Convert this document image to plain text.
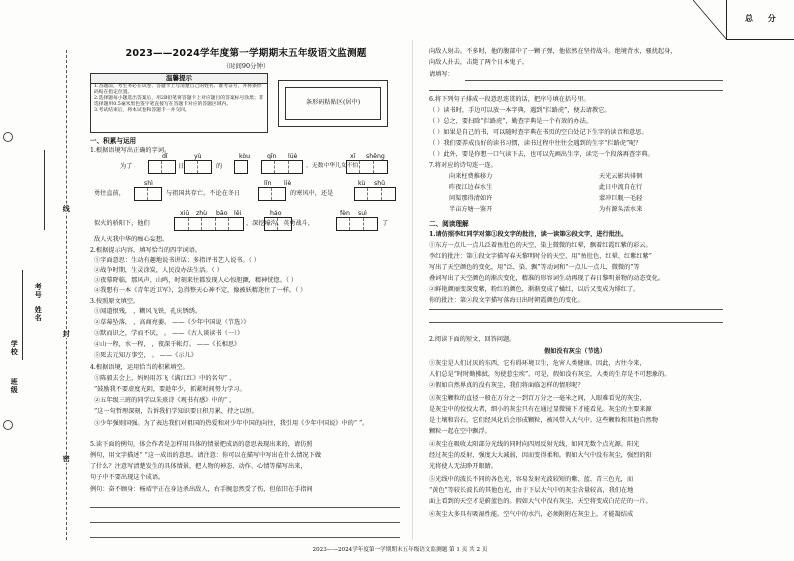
学校
班级
考号
姓名
线
封
密
总 分
2023——2024学年度第一学期期末五年级语文监测题
（时间90分钟）
温馨提示

1.答题前，考生务必在试卷、答题卡上写清楚自己的姓名、准考证号，并将条形码贴在指定位置。

2.选择题每小题选出答案后，用2B铅笔将答题卡上对应题目的答案标号涂黑；非选择题用0.5毫米黑色签字笔直接写在答题卡对应的答题区域内。

3.考试结束后，将本试卷和答题卡一并交回。

条形码粘贴区(居中)
一、积累与运用
1.根据语境写出正确的字词。
dǐ	yù	kòu	qīn lüè	xī shēng
为了	日	的	，无数中华儿女不怕
shì	lǐn liè	kù shǔ
勇往直前，	与祖国共存亡。不论在冬日	的寒风中，还是
xiū zhù bāo lěi	háo	fèn suì
似火的骄阳下，他们	，深挖壕沟，英勇战斗，	了
敌人灭我中华的痴心妄想。
2.根据提示内容，填写恰当的四字词语。
①字面意思：生动有趣地说书讲话；多指评书艺人说书。（ ）
②战争时期，生灵涂炭，人民没办法生活。（ ）
③夜幕降临，那风声、山鸣，时刻来往都发现人心惊胆颤，精神恍惚。（ ）
④我想有一本《青年近卫军》，急得整天心神不定，像被妖精迷住了一样。（ ）
3.按照原文填空。
①闻道恨残， ，糊风飞铁，孔庆锈绣。
②草莓坠落， ，高商亮萎。 ——《少年中国说（节选）》
③默而识之，学而不厌， 。 ——《古人谈读书（一）》
④山一程，水一程， ，夜深千帐灯。 ——《长相思》
⑤死去元知万事空， 。 ——《示儿》
4.根据语境，运用恰当的积累填空。
①陈毅去会上，妈妈用苏飞《满江红》中的名句“ ，
”鼓励我不要虚度光阴，要趁年少，抓紧时间努力学习。
②五年级三班的同学以朱熹诗《观书有感》中的“ ，
”这一句哲理深刻，告诉我们学知识要日积月累，持之以恒。
③少年强则国强。为了表达我们对祖国的热爱和对少年中国的向往，我引用《少年中国说》中的“ ”。
5.读下面的例句，体会作者是怎样用具体的情景把成语的意思表现出来的，请仿照
例句，用文字描述“ ”这一成语的意思。请注意：你可以在描写中写出在什么情况下做
了什么？注意写清楚发生的具体情景，把人物的神态、动作、心情等描写出来，
句子中不要出现这个成语。
例句：奋不顾身：杨靖宇正在身边杀出敌人，右手腕忽然受了伤，但依旧在手指间
向敌人射击。不多时，他的腹部中了一颗子弹，他依然在坚持战斗。绝境背水，骚扰起身，
向敌人扑去，击毙了两个日本鬼子。
请填写：
6.将下列句子排成一段意思连贯的话，把序号填在括号里。
（ ）读书时，手边可以放一本字典，遇到“拦路虎”，便去请教它。
（ ）总之，要扫除“拦路虎”，勤查字典是一个有效的办法。
（ ）如果是自己的书，可以随时查字典在书页的空白处记下生字的读音和意思。
（ ）我们要养成良好的读书习惯，读书过程中往往会遇到的生字“拦路虎”呢？
（ ）此外，要是你想一口气读下去，也可以先画出生字，读完一个段落再查字典。
7.将对应的诗句连一连。
向来枉费推移力
昨夜江边春水生
问渠那得清如许
半亩方塘一鉴开
天光云影共徘徊
此日中流自在行
蒙冲巨舰一毛轻
为有源头活水来
二、阅读理解
1.请仿照李红同学对第①段文字的批注，读一读第②段文字，进行批注。
①东方一点儿一点儿泛着鱼肚色的天空，染上微微的红晕，飘着红霞红紫的彩云。
李红的批注：第①段文字描写春天黎明时分的天空，用“鱼肚色、红晕、红紫红紫”
写出了天空颜色的变化，用“泛、染、飘”等动词和“一点儿一点儿、微微的”等
叠词写出了天空颜色的渐次变化，精准的形容词生动再现了春日黎明景物的动态变化。
②鲜艳颜丽变深变紫，粉红的颜色，渐渐变成了橘红，以后又变成为绯红了。
你的批注：第②段文字描写落海日出时朝霞颜色的变化。
2.阅读下面的短文，回答问题。
假如没有灰尘（节选）
①灰尘是人们讨厌的东西，它有碍环境卫生，危害人类健康。因此，古往今来，
人们总是“时时勤拂拭，勿使惹尘埃”。可是，假如没有灰尘，人类的生存是不可想象的。
②假如自然界真的没有灰尘，我们将面临怎样的情形呢？
③灰尘颗粒的直径一般在万分之一到百万分之一毫米之间，人眼难看见的灰尘，
是灰尘中的佼佼大者，细小的灰尘只有在通过显微镜下才能看见。灰尘的主要来源
是土壤和岩石，它们经风化后会形成颗粒，被风带入大气中。这些颗粒和其他自然物
颗粒一起在空中飘浮。
④灰尘在吸收太阳部分光线的同时向四周反射光线，如同无数个点光源。阳光
经过灰尘的反射，强度大大减弱，因而变得柔和。假如大气中没有灰尘，强烈的阳
光将使人无法睁开眼睛。
⑤光线中的波长不同的各色光，容易发射光波较短的紫、蓝、青三色光，而
“黄色”等较长波长的其他色光，由于下层大气中的灰尘含量较高，我们在地
面上看到的天空才是蔚蓝色的。假如大气中没有灰尘，天空将变成白茫茫的一片。
⑥灰尘大多具有吸湿性能。空气中的水汽，必须附附在灰尘上，才能凝结成
2023——2024学年度第一学期期末五年级语文监测题 第 1 页 共 2 页
